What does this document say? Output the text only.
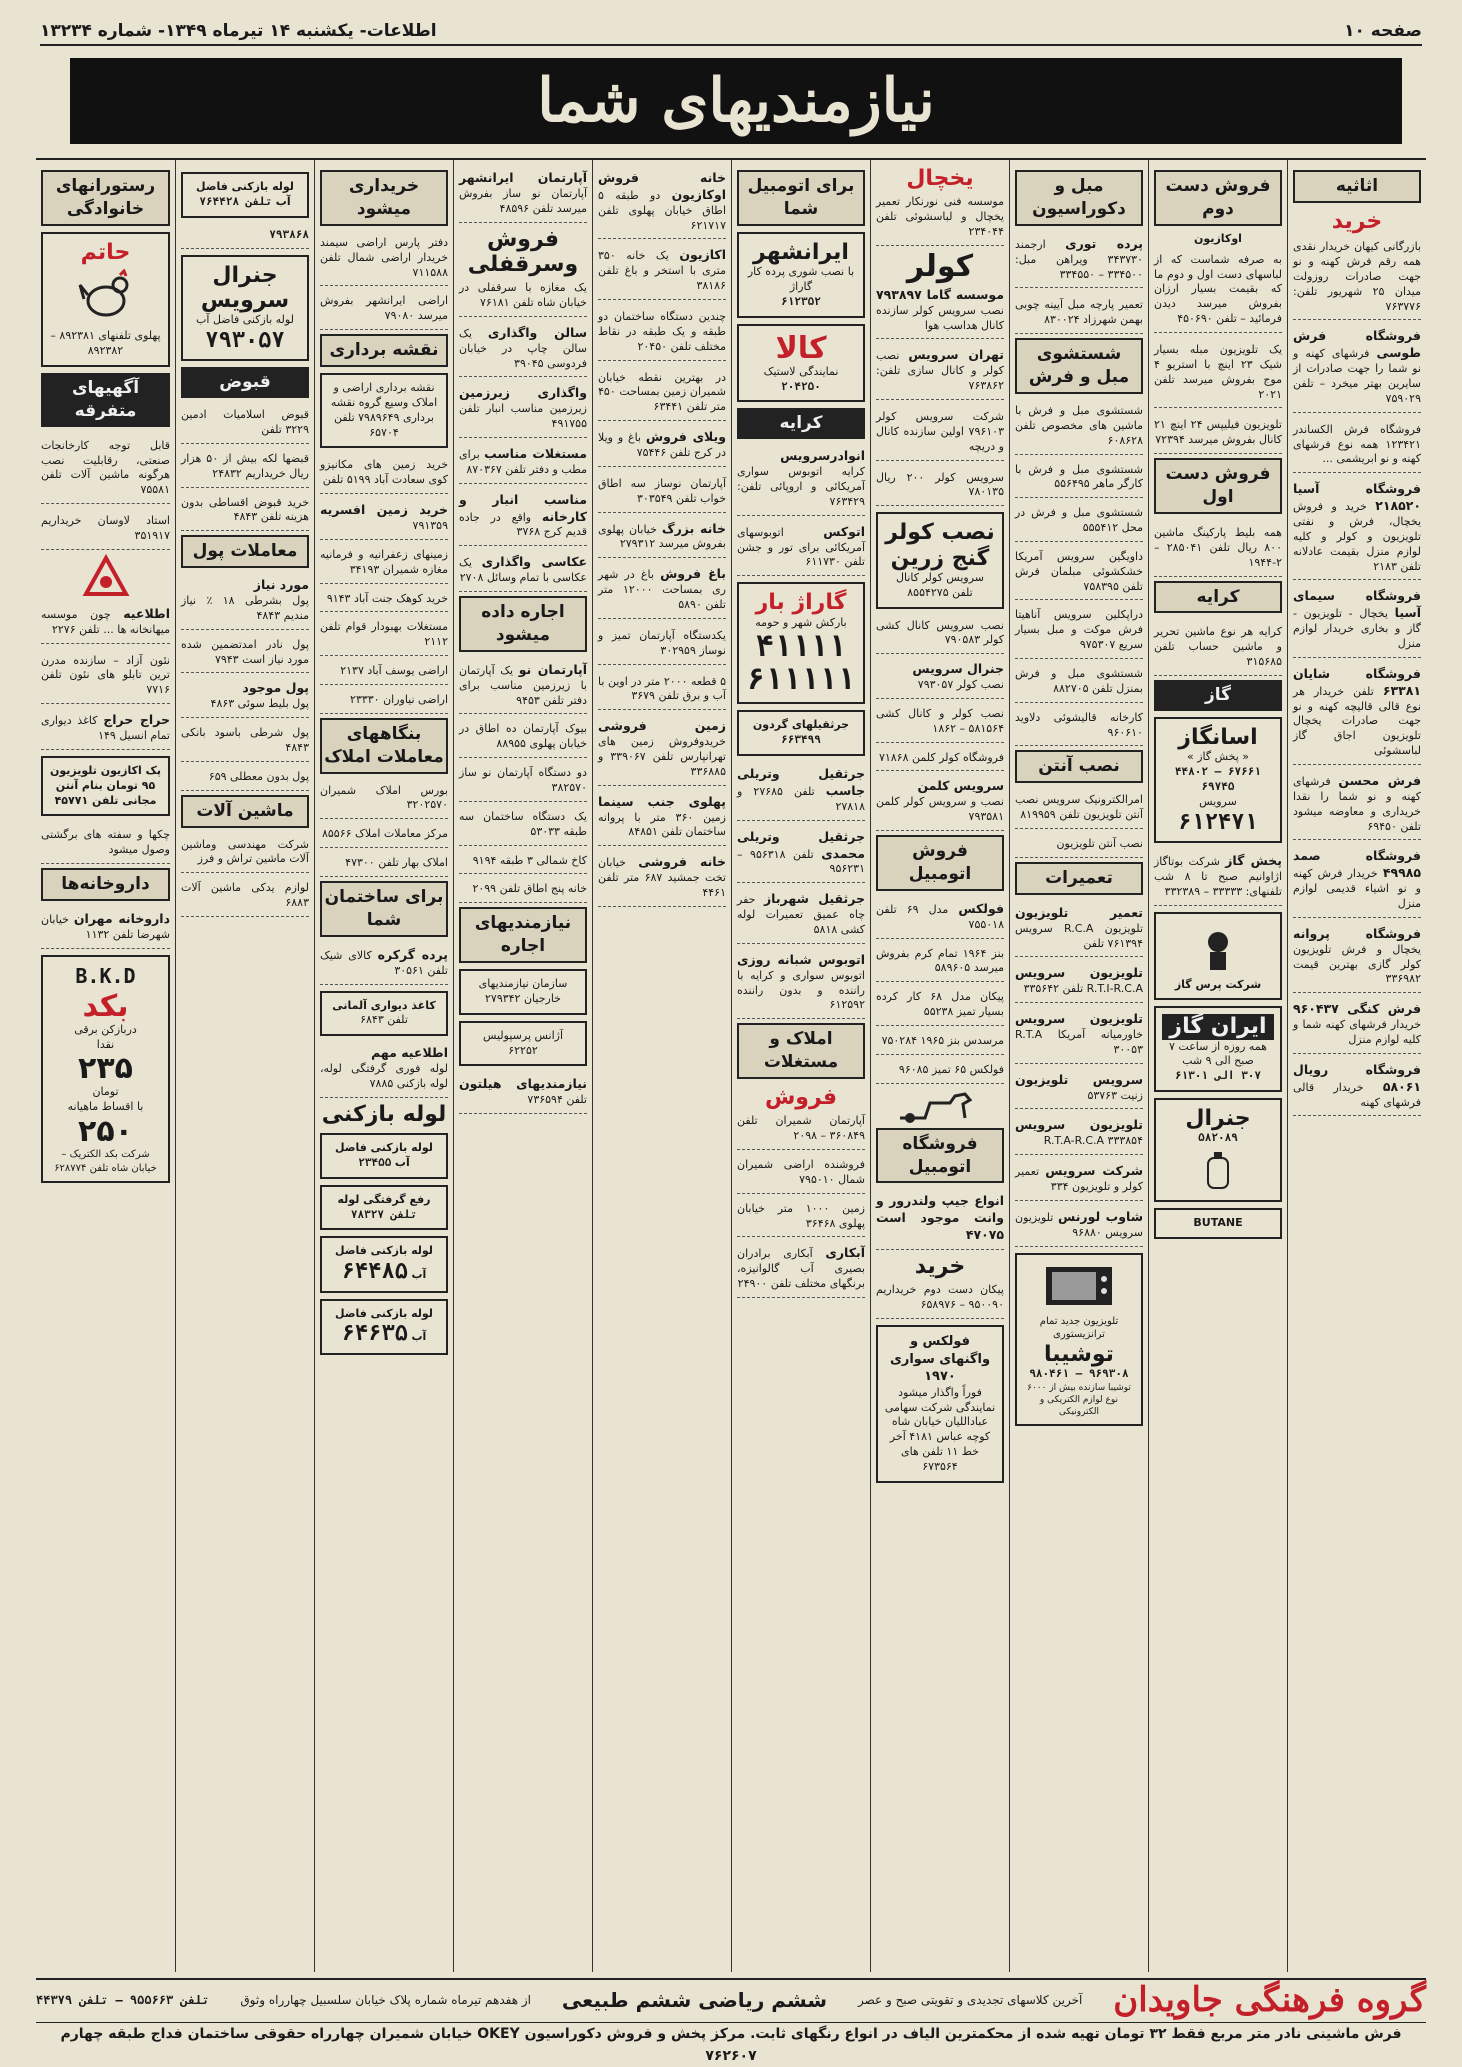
صفحه ۱۰
اطلاعات- یکشنبه ۱۴ تیرماه ۱۳۴۹- شماره ۱۳۲۳۴
نیازمندیهای شما
اثاثیه
خرید
بازرگانی کیهان خریدار نقدی همه رقم فرش کهنه و نو جهت صادرات روزولت میدان ۲۵ شهریور تلفن: ۷۶۳۷۷۶
فروشگاه فرش طوسی فرشهای کهنه و نو شما را جهت صادرات از سایرین بهتر میخرد – تلفن ۷۵۹۰۲۹
فروشگاه فرش الکساندر ۱۲۳۴۲۱ همه نوع فرشهای کهنه و نو ابریشمی ...
فروشگاه آسیا ۲۱۸۵۲۰ خرید و فروش یخچال، فرش و نفتی تلویزیون و کولر و کلیه لوازم منزل بقیمت عادلانه تلفن ۲۱۸۳
فروشگاه سیمای آسیا یخچال - تلویزیون - گاز و بخاری خریدار لوازم منزل
فروشگاه شایان ۶۳۳۸۱ تلفن خریدار هر نوع قالی قالیچه کهنه و نو جهت صادرات یخچال تلویزیون اجاق گاز لباسشوئی
فرش محسن فرشهای کهنه و نو شما را نقدا خریداری و معاوضه میشود تلفن ۶۹۴۵۰
فروشگاه صمد ۴۹۹۸۵ خریدار فرش کهنه و نو اشیاء قدیمی لوازم منزل
فروشگاه پروانه یخچال و فرش تلویزیون کولر گازی بهترین قیمت ۳۳۶۹۸۲
فرش کنگی ۹۶۰۴۳۷ خریدار فرشهای کهنه شما و کلیه لوازم منزل
فروشگاه رویال ۵۸۰۶۱ خریدار قالی فرشهای کهنه
فروش دست دوم
اوکازیون
به صرفه شماست که از لباسهای دست اول و دوم ما که بقیمت بسیار ارزان بفروش میرسد دیدن فرمائید – تلفن ۴۵۰۶۹۰
یک تلویزیون مبله بسیار شیک ۲۳ اینچ با استریو ۴ موج بفروش میرسد تلفن ۲۰۲۱
تلویزیون فیلیپس ۲۴ اینچ ۲۱ کانال بفروش میرسد ۷۲۳۹۴
فروش دست اول
همه بلیط پارکینگ ماشین ۸۰۰ ریال تلفن ۲۸۵۰۴۱ – ۲-۱۹۴۴
کرایه
کرایه هر نوع ماشین تحریر و ماشین حساب تلفن ۳۱۵۶۸۵
گاز
اسانگاز
« پخش گاز »
۶۷۶۶۱ – ۴۴۸۰۲
۶۹۷۴۵
سرویس
۶۱۲۴۷۱
پخش گاز شرکت بوتاگاز اژاوانیم صبح تا ۸ شب تلفنهای: ۳۳۳۳۳ – ۳۳۲۳۸۹
شرکت پرس گاز
ایران گاز
همه روزه از ساعت ۷ صبح الی ۹ شب
۳۰۷ الی ۶۱۳۰۱
جنرال
۵۸۲۰۸۹
BUTANE
مبل و دکوراسیون
پرده توری ارجمند ۳۴۳۷۳۰ ویراهن مبل: ۳۳۴۵۰۰ – ۳۳۴۵۵۰
تعمیر پارچه مبل آیینه چوبی بهمن شهرزاد ۸۳۰۰۲۴
شستشوی مبل و فرش
شستشوی مبل و فرش با ماشین های مخصوص تلفن ۶۰۸۶۲۸
شستشوی مبل و فرش با کارگر ماهر ۵۵۶۴۹۵
شستشوی مبل و فرش در محل ۵۵۵۴۱۲
داویگین سرویس آمریکا خشکشوئی مبلمان فرش تلفن ۷۵۸۳۹۵
دراپکلین سرویس آناهیتا فرش موکت و مبل بسیار سریع ۹۷۵۳۰۷
شستشوی مبل و فرش بمنزل تلفن ۸۸۲۷۰۵
کارخانه قالیشوئی دلاوید ۹۶۰۶۱۰
نصب آنتن
امرالکترونیک سرویس نصب آنتن تلویزیون تلفن ۸۱۹۹۵۹
نصب آنتن تلویزیون
تعمیرات
تعمیر تلویزیون تلویزیون R.C.A سرویس ۷۶۱۳۹۴ تلفن
تلویزیون سرویس R.T.I-R.C.A تلفن ۳۳۵۶۴۲
تلویزیون سرویس خاورمیانه آمریکا R.T.A ۳۰۰۵۳
سرویس تلویزیون زنیت ۵۳۷۶۳
تلویزیون سرویس R.T.A-R.C.A ۳۳۳۸۵۴
شرکت سرویس تعمیر کولر و تلویزیون ۳۳۴
شاوب لورنس تلویزیون سرویس ۹۶۸۸۰
تلویزیون جدید تمام ترانزیستوری
توشیبا
۹۶۹۳۰۸ – ۹۸۰۴۶۱
توشیبا سازنده بیش از ۶۰۰۰ نوع لوازم الکتریکی و الکترونیکی
یخچال
موسسه فنی نورنکار تعمیر یخچال و لباسشوئی تلفن ۲۳۴۰۴۴
کولر
موسسه گاما ۷۹۳۸۹۷ نصب سرویس کولر سازنده کانال هداسب هوا
تهران سرویس نصب کولر و کانال سازی تلفن: ۷۶۳۸۶۲
شرکت سرویس کولر ۷۹۶۱۰۳ اولین سازنده کانال و دریچه
سرویس کولر ۲۰۰ ریال ۷۸۰۱۳۵
نصب کولر
گنج زرین
سرویس کولر کانال تلفن ۸۵۵۴۲۷۵
نصب سرویس کانال کشی کولر ۷۹۰۵۸۳
جنرال سرویس
نصب کولر ۷۹۳۰۵۷
نصب کولر و کانال کشی ۵۸۱۵۶۴ – ۱۸۶۲
فروشگاه کولر کلمن ۷۱۸۶۸
سرویس کلمن
نصب و سرویس کولر کلمن ۷۹۳۵۸۱
فروش اتومبیل
فولکس مدل ۶۹ تلفن ۷۵۵۰۱۸
بنز ۱۹۶۴ تمام کرم بفروش میرسد ۵۸۹۶۰۵
پیکان مدل ۶۸ کار کرده بسیار تمیز ۵۵۲۳۸
مرسدس بنز ۱۹۶۵ ۷۵۰۲۸۴
فولکس ۶۵ تمیز ۹۶۰۸۵
فروشگاه اتومبیل
انواع جیپ ولندرور و وانت موجود است ۴۷۰۷۵
خرید
پیکان دست دوم خریداریم ۹۵۰۰۹۰ – ۶۵۸۹۷۶
فولکس و واگنهای سواری ۱۹۷۰
فوراً واگذار میشود نمایندگی شرکت سهامی عباداللیان خیابان شاه کوچه عباس ۴۱۸۱ آخر خط ۱۱ تلفن های ۶۷۳۵۶۴
برای اتومبیل شما
ایرانشهر
با نصب شوری پرده کار گاراژ
۶۱۲۳۵۲
کالا
نمایندگی لاستیک
۲۰۴۲۵۰
کرایه
انوادرسرویس
کرایه اتوبوس سواری آمریکائی و اروپائی تلفن: ۷۶۳۴۲۹
اتوکس اتوبوسهای آمریکائی برای تور و جشن تلفن ۶۱۱۷۳۰
گاراژ بار
بارکش شهر و حومه
۴۱۱۱۱
۶۱۱۱۱۱
جرثقیلهای گردون
۶۶۳۴۹۹
جرثقیل وتریلی جاسب تلفن ۲۷۶۸۵ و ۲۷۸۱۸
جرثقیل وتریلی محمدی تلفن ۹۵۶۳۱۸ – ۹۵۶۲۳۱
جرثقیل شهرباز حفر چاه عمیق تعمیرات لوله کشی ۵۸۱۸
اتوبوس شبانه روزی اتوبوس سواری و کرایه با راننده و بدون راننده ۶۱۲۵۹۲
املاک و مستغلات
فروش
آپارتمان شمیران تلفن ۳۶۰۸۴۹ – ۲۰۹۸
فروشنده اراضی شمیران شمال ۷۹۵۰۱۰
زمین ۱۰۰۰ متر خیابان پهلوی ۳۶۴۶۸
آبکاری آبکاری برادران بصیری آب گالوانیزه، برنگهای مختلف تلفن ۲۴۹۰۰
خانه فروش اوکازیون دو طبقه ۵ اطاق خیابان پهلوی تلفن ۶۲۱۷۱۷
اکازیون یک خانه ۳۵۰ متری با استخر و باغ تلفن ۳۸۱۸۶
چندین دستگاه ساختمان دو طبقه و یک طبقه در نقاط مختلف تلفن ۲۰۴۵۰
در بهترین نقطه خیابان شمیران زمین بمساحت ۴۵۰ متر تلفن ۶۳۴۴۱
ویلای فروش باغ و ویلا در کرج تلفن ۷۵۴۴۶
آپارتمان نوساز سه اطاق خواب تلفن ۳۰۳۵۴۹
خانه بزرگ خیابان پهلوی بفروش میرسد ۲۷۹۳۱۲
باغ فروش باغ در شهر ری بمساحت ۱۲۰۰۰ متر تلفن ۵۸۹۰
یکدستگاه آپارتمان تمیز و نوساز ۳۰۲۹۵۹
۵ قطعه ۲۰۰۰ متر در اوین با آب و برق تلفن ۳۶۷۹
زمین فروشی خریدوفروش زمین های تهرانپارس تلفن ۳۳۹۰۶۷ و ۳۳۶۸۸۵
پهلوی جنب سینما زمین ۳۶۰ متر با پروانه ساختمان تلفن ۸۴۸۵۱
خانه فروشی خیابان تخت جمشید ۶۸۷ متر تلفن ۴۴۶۱
آپارتمان ایرانشهر آپارتمان نو ساز بفروش میرسد تلفن ۴۸۵۹۶
فروش وسرقفلی
یک مغازه با سرقفلی در خیابان شاه تلفن ۷۶۱۸۱
سالن واگذاری یک سالن چاپ در خیابان فردوسی ۳۹۰۴۵
واگذاری زیرزمین زیرزمین مناسب انبار تلفن ۴۹۱۷۵۵
مستغلات مناسب برای مطب و دفتر تلفن ۸۷۰۳۶۷
مناسب انبار و کارخانه واقع در جاده قدیم کرج ۳۷۶۸
عکاسی واگذاری یک عکاسی با تمام وسائل ۲۷۰۸
اجاره داده میشود
آپارتمان نو یک آپارتمان با زیرزمین مناسب برای دفتر تلفن ۹۴۵۳
بیوک آپارتمان ده اطاق در خیابان پهلوی ۸۸۹۵۵
دو دستگاه آپارتمان نو ساز ۳۸۲۵۷۰
یک دستگاه ساختمان سه طبقه ۵۳۰۳۳
کاخ شمالی ۳ طبقه ۹۱۹۴
خانه پنج اطاق تلفن ۲۰۹۹
نیازمندیهای اجاره
سازمان نیازمندیهای خارجیان ۲۷۹۳۴۲
آژانس پرسپولیس ۶۲۲۵۲
نیازمندیهای هیلتون تلفن ۷۳۶۵۹۴
خریداری میشود
دفتر پارس اراضی سیمند خریدار اراضی شمال تلفن ۷۱۱۵۸۸
اراضی ایرانشهر بفروش میرسد ۷۹۰۸۰
نقشه برداری
نقشه برداری اراضی و املاک وسیع گروه نقشه برداری ۷۹۸۹۶۴۹ تلفن ۶۵۷۰۴
خرید زمین های مکانیزو کوی سعادت آباد ۵۱۹۹ تلفن
خرید زمین افسریه ۷۹۱۳۵۹
زمینهای زعفرانیه و فرمانیه مغازه شمیران ۳۴۱۹۳
خرید کوهک جنت آباد ۹۱۴۳
مستغلات بهبودار قوام تلفن ۲۱۱۲
اراضی یوسف آباد ۲۱۳۷
اراضی نیاوران ۲۳۳۳۰
بنگاههای معاملات املاک
بورس املاک شمیران ۳۲۰۲۵۷۰
مرکز معاملات املاک ۸۵۵۶۶
املاک بهار تلفن ۴۷۳۰۰
برای ساختمان شما
پرده گرکره کالای شیک تلفن ۳۰۵۶۱
کاغذ دیواری آلمانی تلفن ۶۸۴۳
اطلاعیه مهم
لوله فوری گرفتگی لوله، لوله بازکنی ۷۸۸۵
لوله بازکنی
لوله بازکنی فاضل آب ۲۳۴۵۵
رفع گرفتگی لوله تلفن ۷۸۳۲۷
لوله بازکنی فاضل آب ۶۴۴۸۵
لوله بازکنی فاضل آب ۶۴۶۳۵
لوله بازکنی فاضل آب تلفن ۷۶۴۴۲۸
۷۹۳۸۶۸
جنرال سرویس
لوله بازکنی فاضل آب
۷۹۳۰۵۷
قبوض
قبوض اسلامیات ادمین ۳۲۲۹ تلفن
قبضها لکه بیش از ۵۰ هزار ریال خریداریم ۲۴۸۳۲
خرید قبوض اقساطی بدون هزینه تلفن ۴۸۴۳
معاملات پول
مورد نیاز
پول بشرطی ۱۸ ٪ نیاز مندیم ۴۸۴۳
پول نادر امدتضمین شده مورد نیاز است ۷۹۴۳
پول موجود
پول بلیط سوئی ۴۸۶۳
پول شرطی باسود بانکی ۴۸۴۳
پول بدون معطلی ۶۵۹
ماشین آلات
شرکت مهندسی وماشین آلات ماشین تراش و فرز
لوازم یدکی ماشین آلات ۶۸۸۳
رستورانهای خانوادگی
حاتم
پهلوی تلفنهای ۸۹۲۳۸۱ – ۸۹۲۳۸۲
آگهیهای متفرقه
قابل توجه کارخانجات صنعتی، رقابلیت نصب هرگونه ماشین آلات تلفن ۷۵۵۸۱
استاد لاوسان خریداریم ۳۵۱۹۱۷
اطلاعیه چون موسسه میهانخانه ها ... تلفن ۲۲۷۶
نئون آزاد – سازنده مدرن ترین تابلو های نئون تلفن ۷۷۱۶
حراج حراج کاغذ دیواری تمام انسیل ۱۴۹
پک اکازیون تلویزیون ۹۵ تومان بنام آنتن مجانی تلفن ۴۵۷۷۱
چکها و سفته های برگشتی وصول میشود
داروخانه‌ها
داروخانه مهران خیابان شهرضا تلفن ۱۱۳۲
B.K.D
بکد
دربازکن برقی
نقدا
۲۳۵
تومان
با اقساط ماهیانه
۲۵۰
شرکت بکد الکتریک – خیابان شاه تلفن ۶۲۸۷۷۴
گروه فرهنگی جاویدان
آخرین کلاسهای تجدیدی و تقویتی صبح و عصر
ششم ریاضی ششم طبیعی
از هفدهم تیرماه شماره پلاک خیابان سلسبیل چهارراه وثوق
تلفن ۹۵۵۶۶۳ – تلفن ۴۴۳۷۹
فرش ماشینی نادر متر مربع فقط ۳۲ تومان تهیه شده از محکمترین الیاف در انواع رنگهای ثابت. مرکز پخش و فروش دکوراسیون OKEY خیابان شمیران چهارراه حقوقی ساختمان فداج طبقه چهارم ۷۶۲۶۰۷
